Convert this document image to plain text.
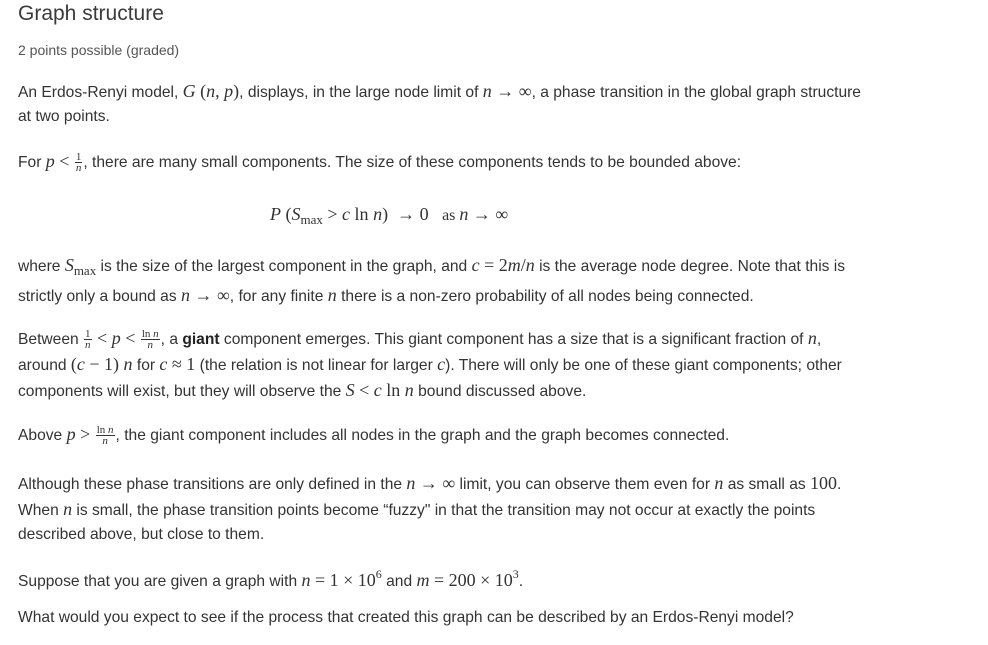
Graph structure
2 points possible (graded)

An Erdos-Renyi model, G (n, p), displays, in the large node limit of n → ∞, a phase transition in the global graph structure
at two points.

For $p < \frac{1}{n}$ , there are many small components. The size of these components tends to be bounded above:

P ($S_{max} > c$ ln n)  → 0   as n → ∞

where $S_{max}$ is the size of the largest component in the graph, and c = 2m/n is the average node degree. Note that this is
strictly only a bound as n → ∞, for any finite n there is a non-zero probability of all nodes being connected.

Between $\frac{1}{n} < p < \frac{\text{ln n}}{n}$ , a giant component emerges. This giant component has a size that is a significant fraction of n,
around (c − 1) n for c ≈ 1 (the relation is not linear for larger c). There will only be one of these giant components; other
components will exist, but they will observe the S < c ln n bound discussed above.

Above $p > \frac{\text{ln n}}{n}$ , the giant component includes all nodes in the graph and the graph becomes connected.

Although these phase transitions are only defined in the n → ∞ limit, you can observe them even for n as small as 100.
When n is small, the phase transition points become “fuzzy" in that the transition may not occur at exactly the points
described above, but close to them.

Suppose that you are given a graph with $n = 1 \times 10^6$ and $m = 200 \times 10^3$.

What would you expect to see if the process that created this graph can be described by an Erdos-Renyi model?
